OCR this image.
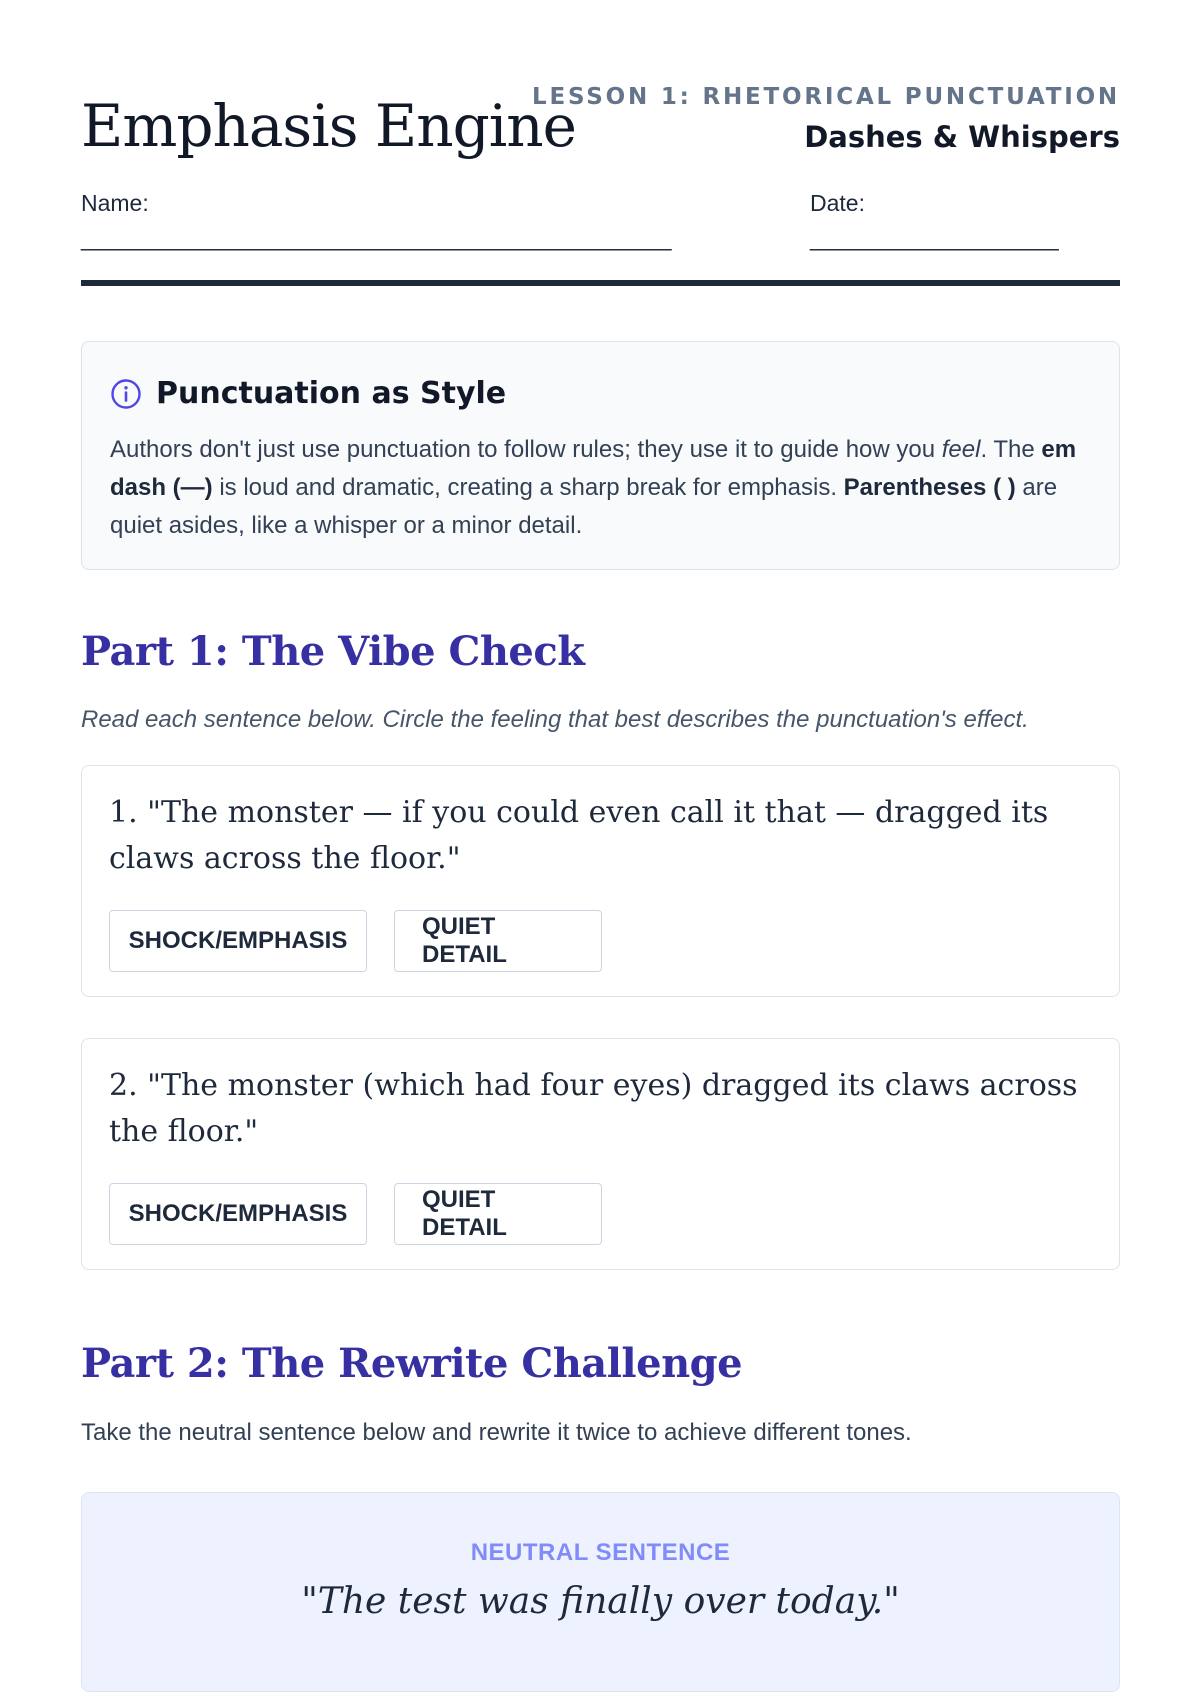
Emphasis Engine
LESSON 1: RHETORICAL PUNCTUATION
Dashes & Whispers
Name:
__________________________________________________
Date:
_____________________
Punctuation as Style

Authors don't just use punctuation to follow rules; they use it to guide how you feel. The em dash (—) is loud and dramatic, creating a sharp break for emphasis. Parentheses ( ) are quiet asides, like a whisper or a minor detail.

Part 1: The Vibe Check

Read each sentence below. Circle the feeling that best describes the punctuation's effect.

1. "The monster — if you could even call it that — dragged its claws across the floor."

SHOCK/EMPHASIS
QUIET DETAIL

2. "The monster (which had four eyes) dragged its claws across the floor."

SHOCK/EMPHASIS
QUIET DETAIL
Part 2: The Rewrite Challenge

Take the neutral sentence below and rewrite it twice to achieve different tones.

NEUTRAL SENTENCE
"The test was finally over today."
